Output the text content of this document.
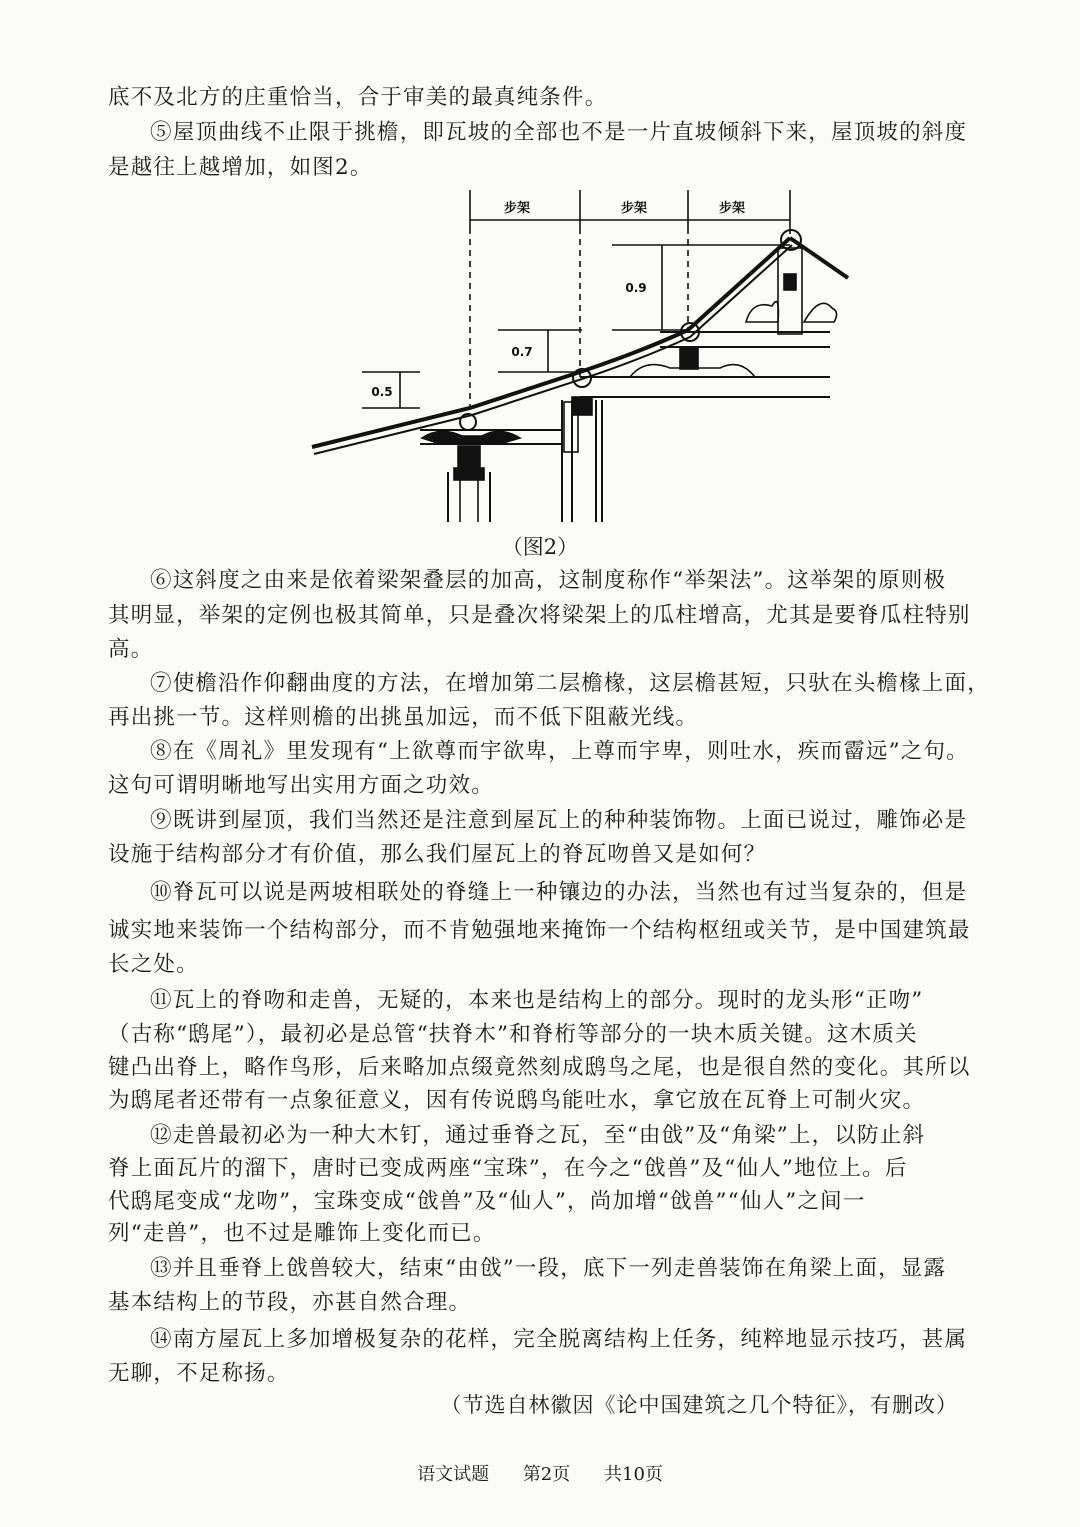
底不及北方的庄重恰当，合于审美的最真纯条件。
⑤屋顶曲线不止限于挑檐，即瓦坡的全部也不是一片直坡倾斜下来，屋顶坡的斜度
是越往上越增加，如图2。
步架	步架	步架
0.5
0.7
0.9
（图2）
⑥这斜度之由来是依着梁架叠层的加高，这制度称作“举架法”。这举架的原则极
其明显，举架的定例也极其简单，只是叠次将梁架上的瓜柱增高，尤其是要脊瓜柱特别
高。
⑦使檐沿作仰翻曲度的方法，在增加第二层檐椽，这层檐甚短，只驮在头檐椽上面，
再出挑一节。这样则檐的出挑虽加远，而不低下阻蔽光线。
⑧在《周礼》里发现有“上欲尊而宇欲卑，上尊而宇卑，则吐水，疾而霤远”之句。
这句可谓明晰地写出实用方面之功效。
⑨既讲到屋顶，我们当然还是注意到屋瓦上的种种装饰物。上面已说过，雕饰必是
设施于结构部分才有价值，那么我们屋瓦上的脊瓦吻兽又是如何？
⑩脊瓦可以说是两坡相联处的脊缝上一种镶边的办法，当然也有过当复杂的，但是
诚实地来装饰一个结构部分，而不肯勉强地来掩饰一个结构枢纽或关节，是中国建筑最
长之处。
⑪瓦上的脊吻和走兽，无疑的，本来也是结构上的部分。现时的龙头形“正吻”
（古称“鸱尾”），最初必是总管“扶脊木”和脊桁等部分的一块木质关键。这木质关
键凸出脊上，略作鸟形，后来略加点缀竟然刻成鸱鸟之尾，也是很自然的变化。其所以
为鸱尾者还带有一点象征意义，因有传说鸱鸟能吐水，拿它放在瓦脊上可制火灾。
⑫走兽最初必为一种大木钉，通过垂脊之瓦，至“由戗”及“角梁”上，以防止斜
脊上面瓦片的溜下，唐时已变成两座“宝珠”，在今之“戗兽”及“仙人”地位上。后
代鸱尾变成“龙吻”，宝珠变成“戗兽”及“仙人”，尚加增“戗兽”“仙人”之间一
列“走兽”，也不过是雕饰上变化而已。
⑬并且垂脊上戗兽较大，结束“由戗”一段，底下一列走兽装饰在角梁上面，显露
基本结构上的节段，亦甚自然合理。
⑭南方屋瓦上多加增极复杂的花样，完全脱离结构上任务，纯粹地显示技巧，甚属
无聊，不足称扬。
（节选自林徽因《论中国建筑之几个特征》，有删改）
语文试题 第2页 共10页
